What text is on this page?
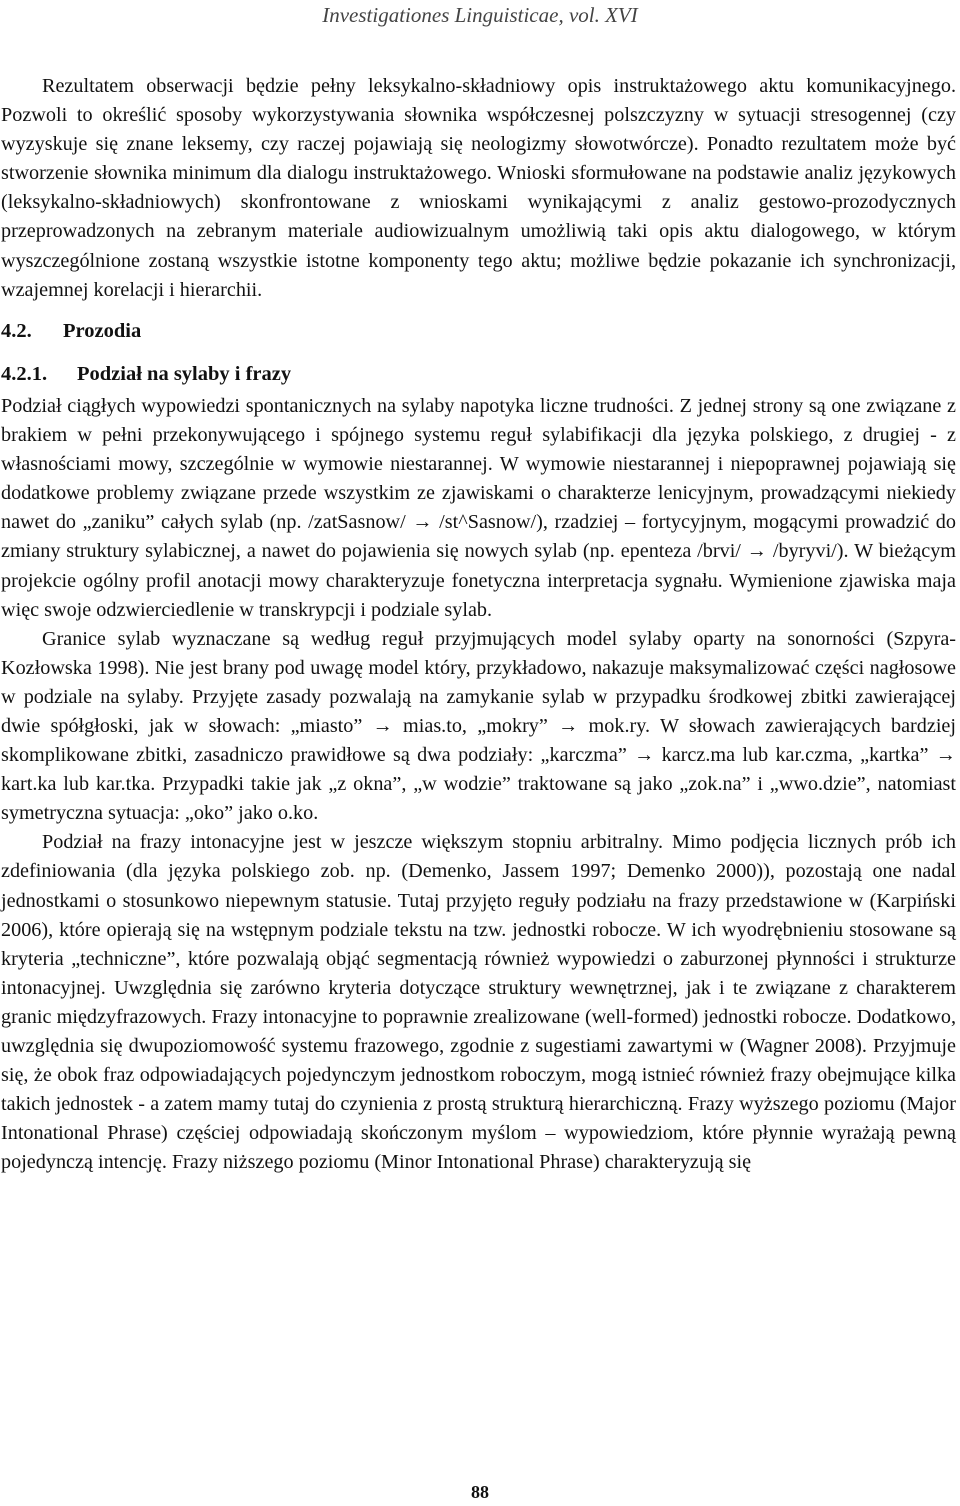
Investigationes Linguisticae, vol. XVI

Rezultatem obserwacji będzie pełny leksykalno-składniowy opis instruktażowego aktu komunikacyjnego. Pozwoli to określić sposoby wykorzystywania słownika współczesnej polszczyzny w sytuacji stresogennej (czy wyzyskuje się znane leksemy, czy raczej pojawiają się neologizmy słowotwórcze). Ponadto rezultatem może być stworzenie słownika minimum dla dialogu instruktażowego. Wnioski sformułowane na podstawie analiz językowych (leksykalno-składniowych) skonfrontowane z wnioskami wynikającymi z analiz gestowo-prozodycznych przeprowadzonych na zebranym materiale audiowizualnym umożliwią taki opis aktu dialogowego, w którym wyszczególnione zostaną wszystkie istotne komponenty tego aktu; możliwe będzie pokazanie ich synchronizacji, wzajemnej korelacji i hierarchii.

4.2. Prozodia
4.2.1. Podział na sylaby i frazy

Podział ciągłych wypowiedzi spontanicznych na sylaby napotyka liczne trudności. Z jednej strony są one związane z brakiem w pełni przekonywującego i spójnego systemu reguł sylabifikacji dla języka polskiego, z drugiej - z własnościami mowy, szczególnie w wymowie niestarannej. W wymowie niestarannej i niepoprawnej pojawiają się dodatkowe problemy związane przede wszystkim ze zjawiskami o charakterze lenicyjnym, prowadzącymi niekiedy nawet do „zaniku” całych sylab (np. /zatSasnow/ → /st^Sasnow/), rzadziej – fortycyjnym, mogącymi prowadzić do zmiany struktury sylabicznej, a nawet do pojawienia się nowych sylab (np. epenteza /brvi/ → /byryvi/). W bieżącym projekcie ogólny profil anotacji mowy charakteryzuje fonetyczna interpretacja sygnału. Wymienione zjawiska maja więc swoje odzwierciedlenie w transkrypcji i podziale sylab.

Granice sylab wyznaczane są według reguł przyjmujących model sylaby oparty na sonorności (Szpyra-Kozłowska 1998). Nie jest brany pod uwagę model który, przykładowo, nakazuje maksymalizować części nagłosowe w podziale na sylaby. Przyjęte zasady pozwalają na zamykanie sylab w przypadku środkowej zbitki zawierającej dwie spółgłoski, jak w słowach: „miasto” → mias.to, „mokry” → mok.ry. W słowach zawierających bardziej skomplikowane zbitki, zasadniczo prawidłowe są dwa podziały: „karczma” → karcz.ma lub kar.czma, „kartka” → kart.ka lub kar.tka. Przypadki takie jak „z okna”, „w wodzie” traktowane są jako „zok.na” i „wwo.dzie”, natomiast symetryczna sytuacja: „oko” jako o.ko.

Podział na frazy intonacyjne jest w jeszcze większym stopniu arbitralny. Mimo podjęcia licznych prób ich zdefiniowania (dla języka polskiego zob. np. (Demenko, Jassem 1997; Demenko 2000)), pozostają one nadal jednostkami o stosunkowo niepewnym statusie. Tutaj przyjęto reguły podziału na frazy przedstawione w (Karpiński 2006), które opierają się na wstępnym podziale tekstu na tzw. jednostki robocze. W ich wyodrębnieniu stosowane są kryteria „techniczne”, które pozwalają objąć segmentacją również wypowiedzi o zaburzonej płynności i strukturze intonacyjnej. Uwzględnia się zarówno kryteria dotyczące struktury wewnętrznej, jak i te związane z charakterem granic międzyfrazowych. Frazy intonacyjne to poprawnie zrealizowane (well-formed) jednostki robocze. Dodatkowo, uwzględnia się dwupoziomowość systemu frazowego, zgodnie z sugestiami zawartymi w (Wagner 2008). Przyjmuje się, że obok fraz odpowiadających pojedynczym jednostkom roboczym, mogą istnieć również frazy obejmujące kilka takich jednostek - a zatem mamy tutaj do czynienia z prostą strukturą hierarchiczną. Frazy wyższego poziomu (Major Intonational Phrase) częściej odpowiadają skończonym myślom – wypowiedziom, które płynnie wyrażają pewną pojedynczą intencję. Frazy niższego poziomu (Minor Intonational Phrase) charakteryzują się

88
